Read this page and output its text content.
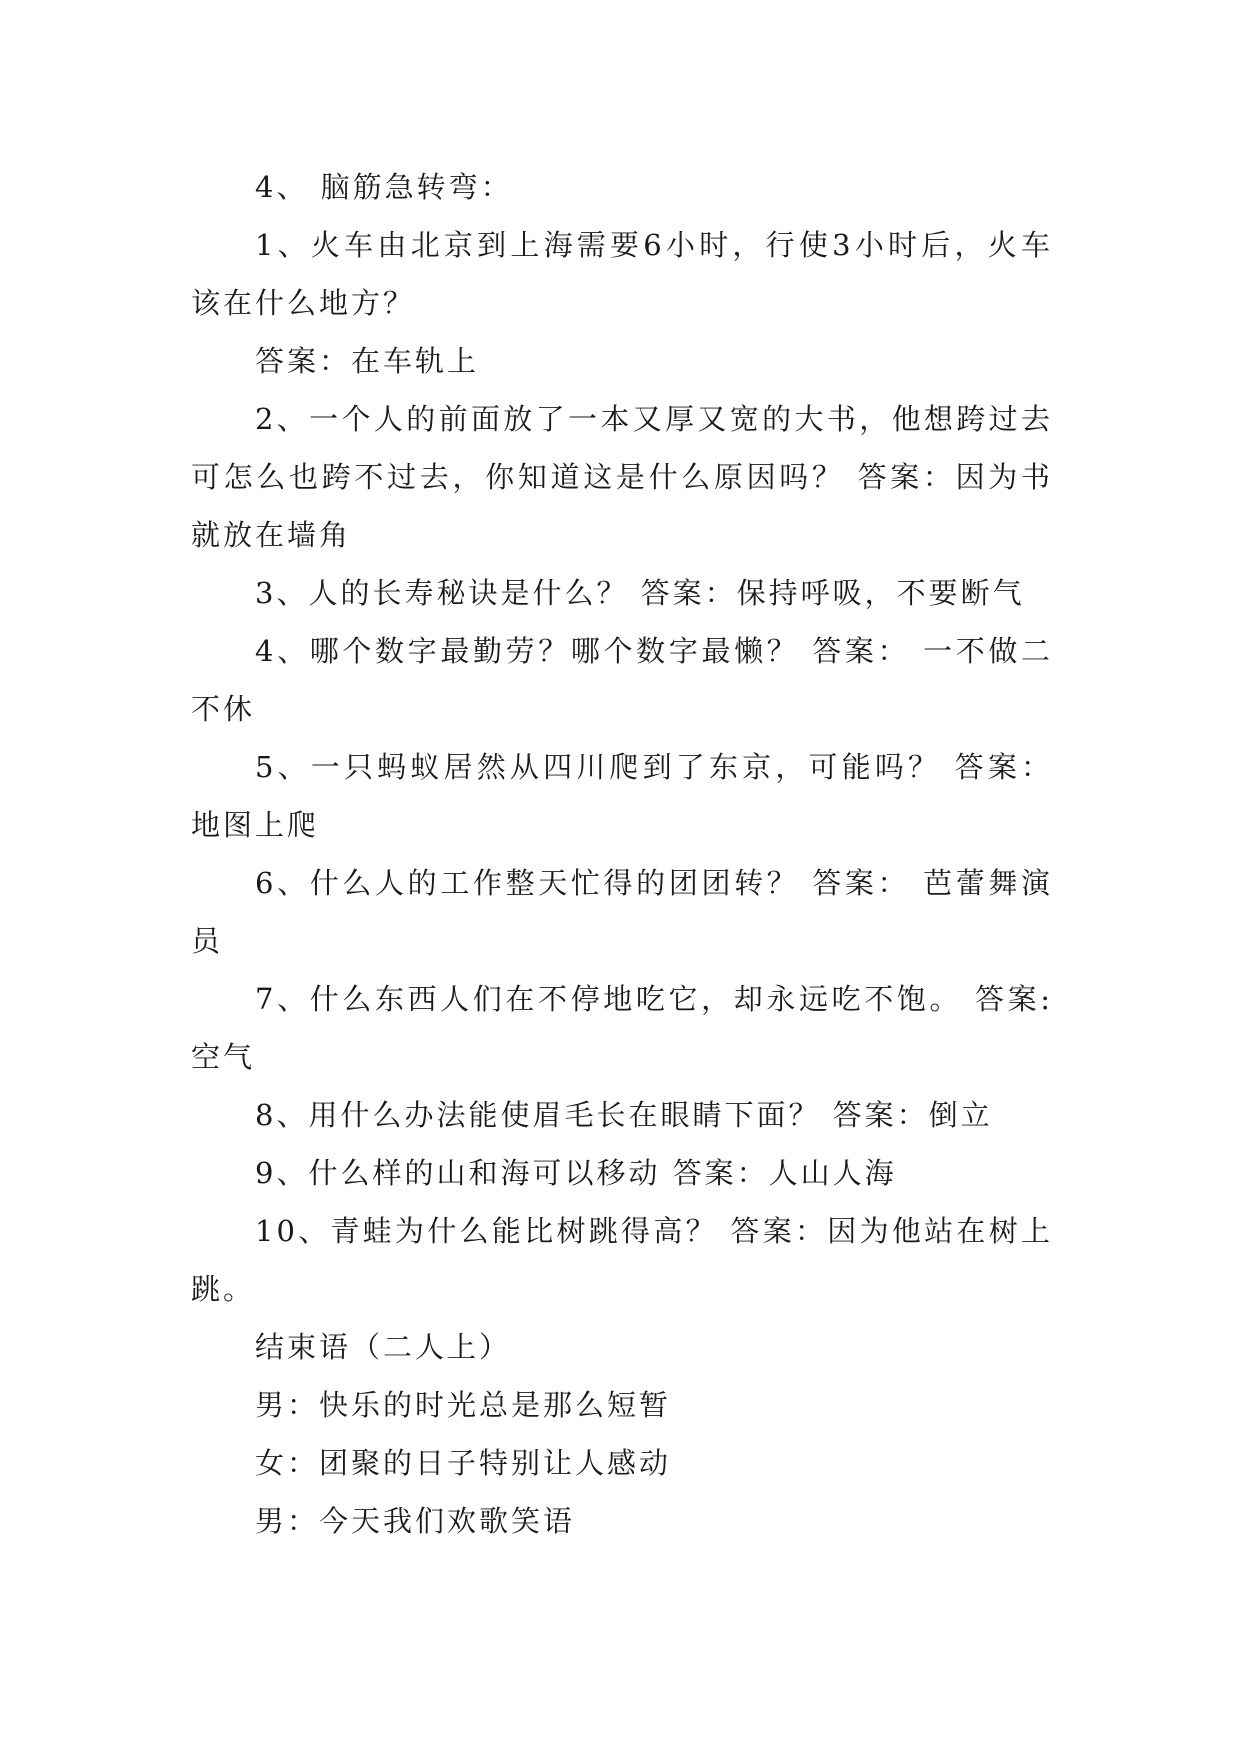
4、 脑筋急转弯：

1、火车由北京到上海需要6小时，行使3小时后，火车该在什么地方？

答案：在车轨上

2、一个人的前面放了一本又厚又宽的大书，他想跨过去可怎么也跨不过去，你知道这是什么原因吗？ 答案：因为书就放在墙角

3、人的长寿秘诀是什么？ 答案：保持呼吸，不要断气

4、哪个数字最勤劳？哪个数字最懒？ 答案： 一不做二不休

5、一只蚂蚁居然从四川爬到了东京，可能吗？ 答案：地图上爬

6、什么人的工作整天忙得的团团转？ 答案： 芭蕾舞演员

7、什么东西人们在不停地吃它，却永远吃不饱。 答案:空气

8、用什么办法能使眉毛长在眼睛下面？ 答案：倒立

9、什么样的山和海可以移动 答案：人山人海

10、青蛙为什么能比树跳得高？ 答案：因为他站在树上跳。

结束语（二人上）

男：快乐的时光总是那么短暂

女：团聚的日子特别让人感动

男：今天我们欢歌笑语
